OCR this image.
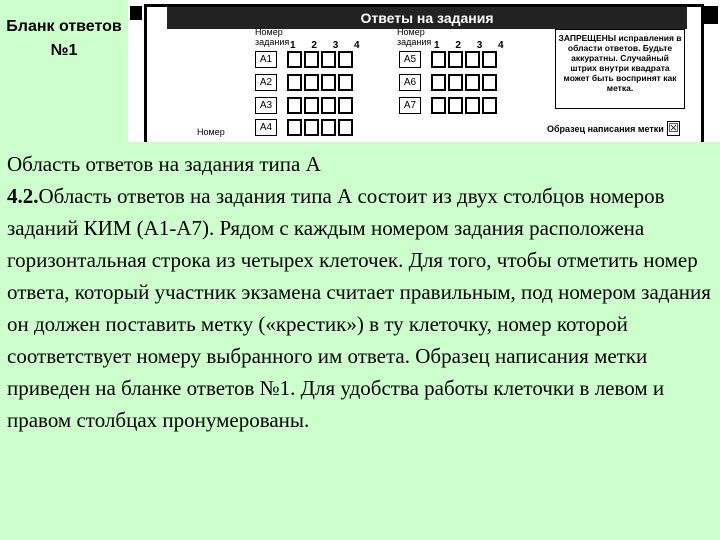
Бланк ответов №1
Ответы на задания
Номер задания 1 2 3 4
Номер задания 1 2 3 4
A1
A2
A3
A4
A5
A6
A7
Номер
ЗАПРЕЩЕНЫ исправления в области ответов. Будьте аккуратны. Случайный штрих внутри квадрата может быть воспринят как метка.
Образец написания метки ☒
Область ответов на задания типа А
4.2.Область ответов на задания типа А состоит из двух столбцов номеров заданий КИМ (А1-А7). Рядом с каждым номером задания расположена горизонтальная строка из четырех клеточек. Для того, чтобы отметить номер ответа, который участник экзамена считает правильным, под номером задания он должен поставить метку («крестик») в ту клеточку, номер которой соответствует номеру выбранного им ответа. Образец написания метки приведен на бланке ответов №1. Для удобства работы клеточки в левом и правом столбцах пронумерованы.
